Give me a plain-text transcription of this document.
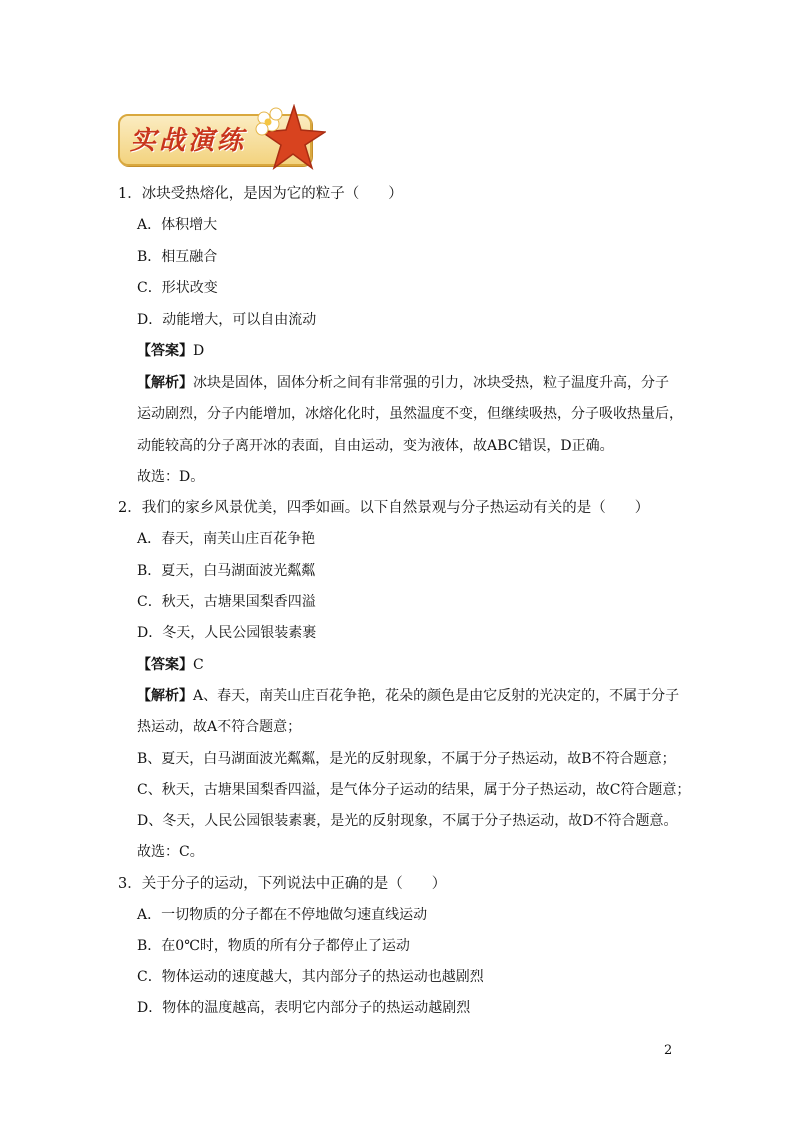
实战演练
1．冰块受热熔化，是因为它的粒子（　　）
A．体积增大
B．相互融合
C．形状改变
D．动能增大，可以自由流动
【答案】D
【解析】冰块是固体，固体分析之间有非常强的引力，冰块受热，粒子温度升高，分子
运动剧烈，分子内能增加，冰熔化化时，虽然温度不变，但继续吸热，分子吸收热量后，
动能较高的分子离开冰的表面，自由运动，变为液体，故ABC错误，D正确。
故选：D。
2．我们的家乡风景优美，四季如画。以下自然景观与分子热运动有关的是（　　）
A．春天，南芙山庄百花争艳
B．夏天，白马湖面波光粼粼
C．秋天，古塘果国梨香四溢
D．冬天，人民公园银装素裹
【答案】C
【解析】A、春天，南芙山庄百花争艳，花朵的颜色是由它反射的光决定的，不属于分子
热运动，故A不符合题意；
B、夏天，白马湖面波光粼粼，是光的反射现象，不属于分子热运动，故B不符合题意；
C、秋天，古塘果国梨香四溢，是气体分子运动的结果，属于分子热运动，故C符合题意；
D、冬天，人民公园银装素裹，是光的反射现象，不属于分子热运动，故D不符合题意。
故选：C。
3．关于分子的运动，下列说法中正确的是（　　）
A．一切物质的分子都在不停地做匀速直线运动
B．在0℃时，物质的所有分子都停止了运动
C．物体运动的速度越大，其内部分子的热运动也越剧烈
D．物体的温度越高，表明它内部分子的热运动越剧烈
2
